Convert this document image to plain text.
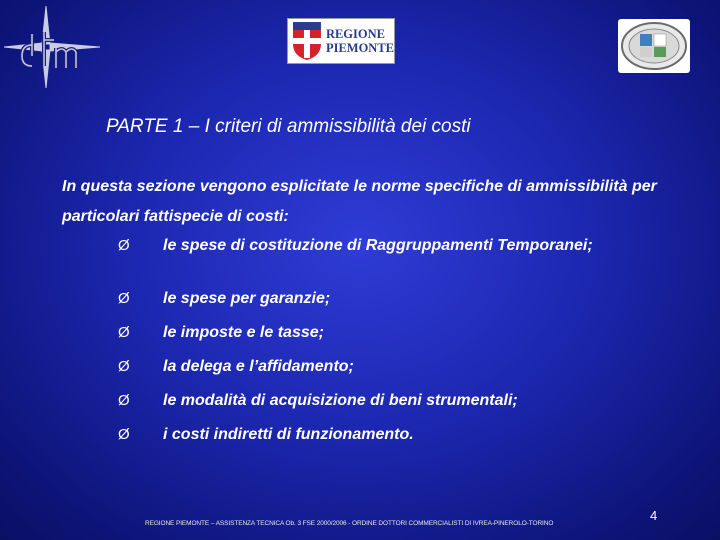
REGIONE
PIEMONTE
PARTE 1 – I criteri di ammissibilità dei costi

In questa sezione vengono esplicitate le norme specifiche di ammissibilità per particolari fattispecie di costi:

Ø le spese di costituzione di Raggruppamenti Temporanei;
Ø le spese per garanzie;
Ø le imposte e le tasse;
Ø la delega e l’affidamento;
Ø le modalità di acquisizione di beni strumentali;
Ø i costi indiretti di funzionamento.

REGIONE PIEMONTE – ASSISTENZA TECNICA Ob. 3 FSE 2000/2006 - ORDINE DOTTORI COMMERCIALISTI DI IVREA-PINEROLO-TORINO

4
